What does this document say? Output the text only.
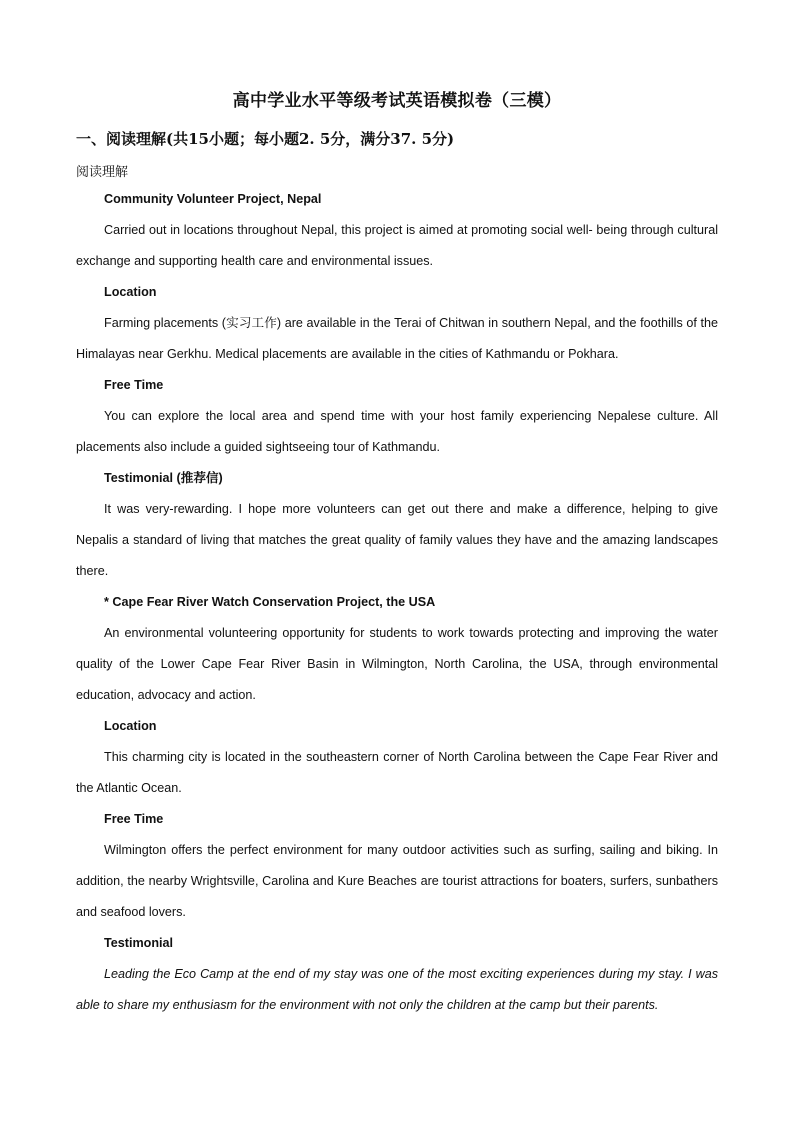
高中学业水平等级考试英语模拟卷（三模）
一、阅读理解(共15小题；每小题2. 5分，满分37. 5分)
阅读理解

Community Volunteer Project, Nepal

Carried out in locations throughout Nepal, this project is aimed at promoting social well- being through cultural exchange and supporting health care and environmental issues.

Location

Farming placements (实习工作) are available in the Terai of Chitwan in southern Nepal, and the foothills of the Himalayas near Gerkhu. Medical placements are available in the cities of Kathmandu or Pokhara.

Free Time

You can explore the local area and spend time with your host family experiencing Nepalese culture. All placements also include a guided sightseeing tour of Kathmandu.

Testimonial (推荐信)

It was very-rewarding. I hope more volunteers can get out there and make a difference, helping to give Nepalis a standard of living that matches the great quality of family values they have and the amazing landscapes there.

* Cape Fear River Watch Conservation Project, the USA

An environmental volunteering opportunity for students to work towards protecting and improving the water quality of the Lower Cape Fear River Basin in Wilmington, North Carolina, the USA, through environmental education, advocacy and action.

Location

This charming city is located in the southeastern corner of North Carolina between the Cape Fear River and the Atlantic Ocean.

Free Time

Wilmington offers the perfect environment for many outdoor activities such as surfing, sailing and biking. In addition, the nearby Wrightsville, Carolina and Kure Beaches are tourist attractions for boaters, surfers, sunbathers and seafood lovers.

Testimonial

Leading the Eco Camp at the end of my stay was one of the most exciting experiences during my stay. I was able to share my enthusiasm for the environment with not only the children at the camp but their parents.
